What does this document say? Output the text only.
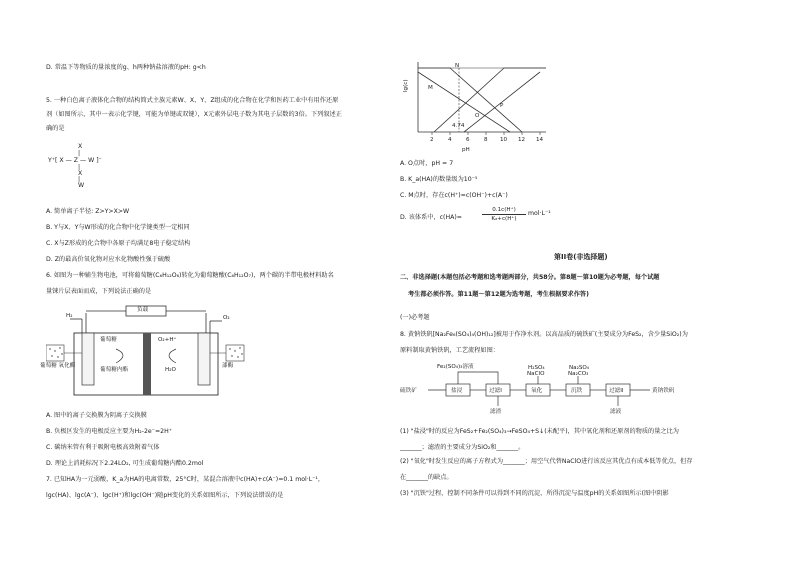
D. 常温下等物质的量浓度的g、h两种钠盐溶液的pH: g<h
5. 一种白色离子液体化合物的结构简式主族元素W、X、Y、Z组成的化合物在化学和医药工业中有用作还原
剂（如图所示，其中一表示化学键，可能为单键或双键），X元素外层电子数为其电子层数的3倍。下列叙述正
确的是
X
|
Y⁺[ X — Z — W ]⁻
|
X
|
W
A. 简单离子半径: Z>Y>X>W
B. Y与X、Y与W形成的化合物中化学键类型一定相同
C. X与Z形成的化合物中各原子均满足8电子稳定结构
D. Z的最高价氧化物对应水化物酸性强于硫酸
6. 如图为一种辅生物电池，可将葡萄糖(C₆H₁₂O₆)转化为葡萄糖酸(C₆H₁₂O₇)，两个碳的半带电极材料助名
量铼片层表面而成，下列说法正确的是
H₂	O₂
负载
葡萄糖 氧化酶	漆酶
葡萄糖
葡萄糖内酯
O₂+H⁺
H₂O
A. 图中的离子交换膜为阴离子交换膜
B. 负极区发生的电极反应主要为H₂-2e⁻=2H⁺
C. 碳纳米管有利于吸附电极高效附着气体
D. 理论上消耗标况下2.24LO₂, 可生成葡萄糖内酯0.2mol
7. 已知HA为一元弱酸，K_a为HA的电离常数，25°C时，某混合溶液中c(HA)+c(A⁻)=0.1 mol·L⁻¹，
lgc(HA)、lgc(A⁻)、lgc(H⁺)和lgc(OH⁻)随pH变化的关系如图所示，下列说法错误的是
lg(c)
pH
N
M
O
P
4.74
2	4	6	8 10 12 14
A. O点时，pH = 7
B. K_a(HA)的数量级为10⁻⁵
C. M点时，存在c(H⁺)=c(OH⁻)+c(A⁻)
D. 该体系中，c(HA)=
0.1c(H⁺)
Kₐ+c(H⁺)
mol·L⁻¹
第II卷(非选择题)
二、非选择题(本题包括必考题和选考题两部分，共58分。第8题～第10题为必考题，每个试题
考生都必须作答。第11题～第12题为选考题，考生根据要求作答)
(一)必考题
8. 黄钠铁矾[Na₂Fe₆(SO₄)₄(OH)₁₂]被用于作净水剂。以高品质的硫铁矿(主要成分为FeS₂，含少量SiO₂)为
原料制取黄钠铁矾，工艺流程如图：
Fe₂(SO₄)₃溶液	H₂SO₄
NaClO
Na₂SO₄
Na₂CO₃
硫铁矿	盐浸	过滤I	氧化	沉铁	过滤II	黄钠铁矾
滤渣	滤液
(1) "盐浸"时的反应为FeS₂+Fe₂(SO₄)₃→FeSO₄+S↓(未配平)，其中氧化剂和还原剂的物质的量之比为
_______；滤渣的主要成分为SiO₂和_______。
(2) "氧化"时发生反应的离子方程式为_______；用空气代替NaClO进行该反应其优点有成本低等优点，但存
在_______的缺点。
(3) "沉铁"过程，控制不同条件可以得到不同的沉淀，所得沉淀与温度pH的关系如图所示(图中阴影
